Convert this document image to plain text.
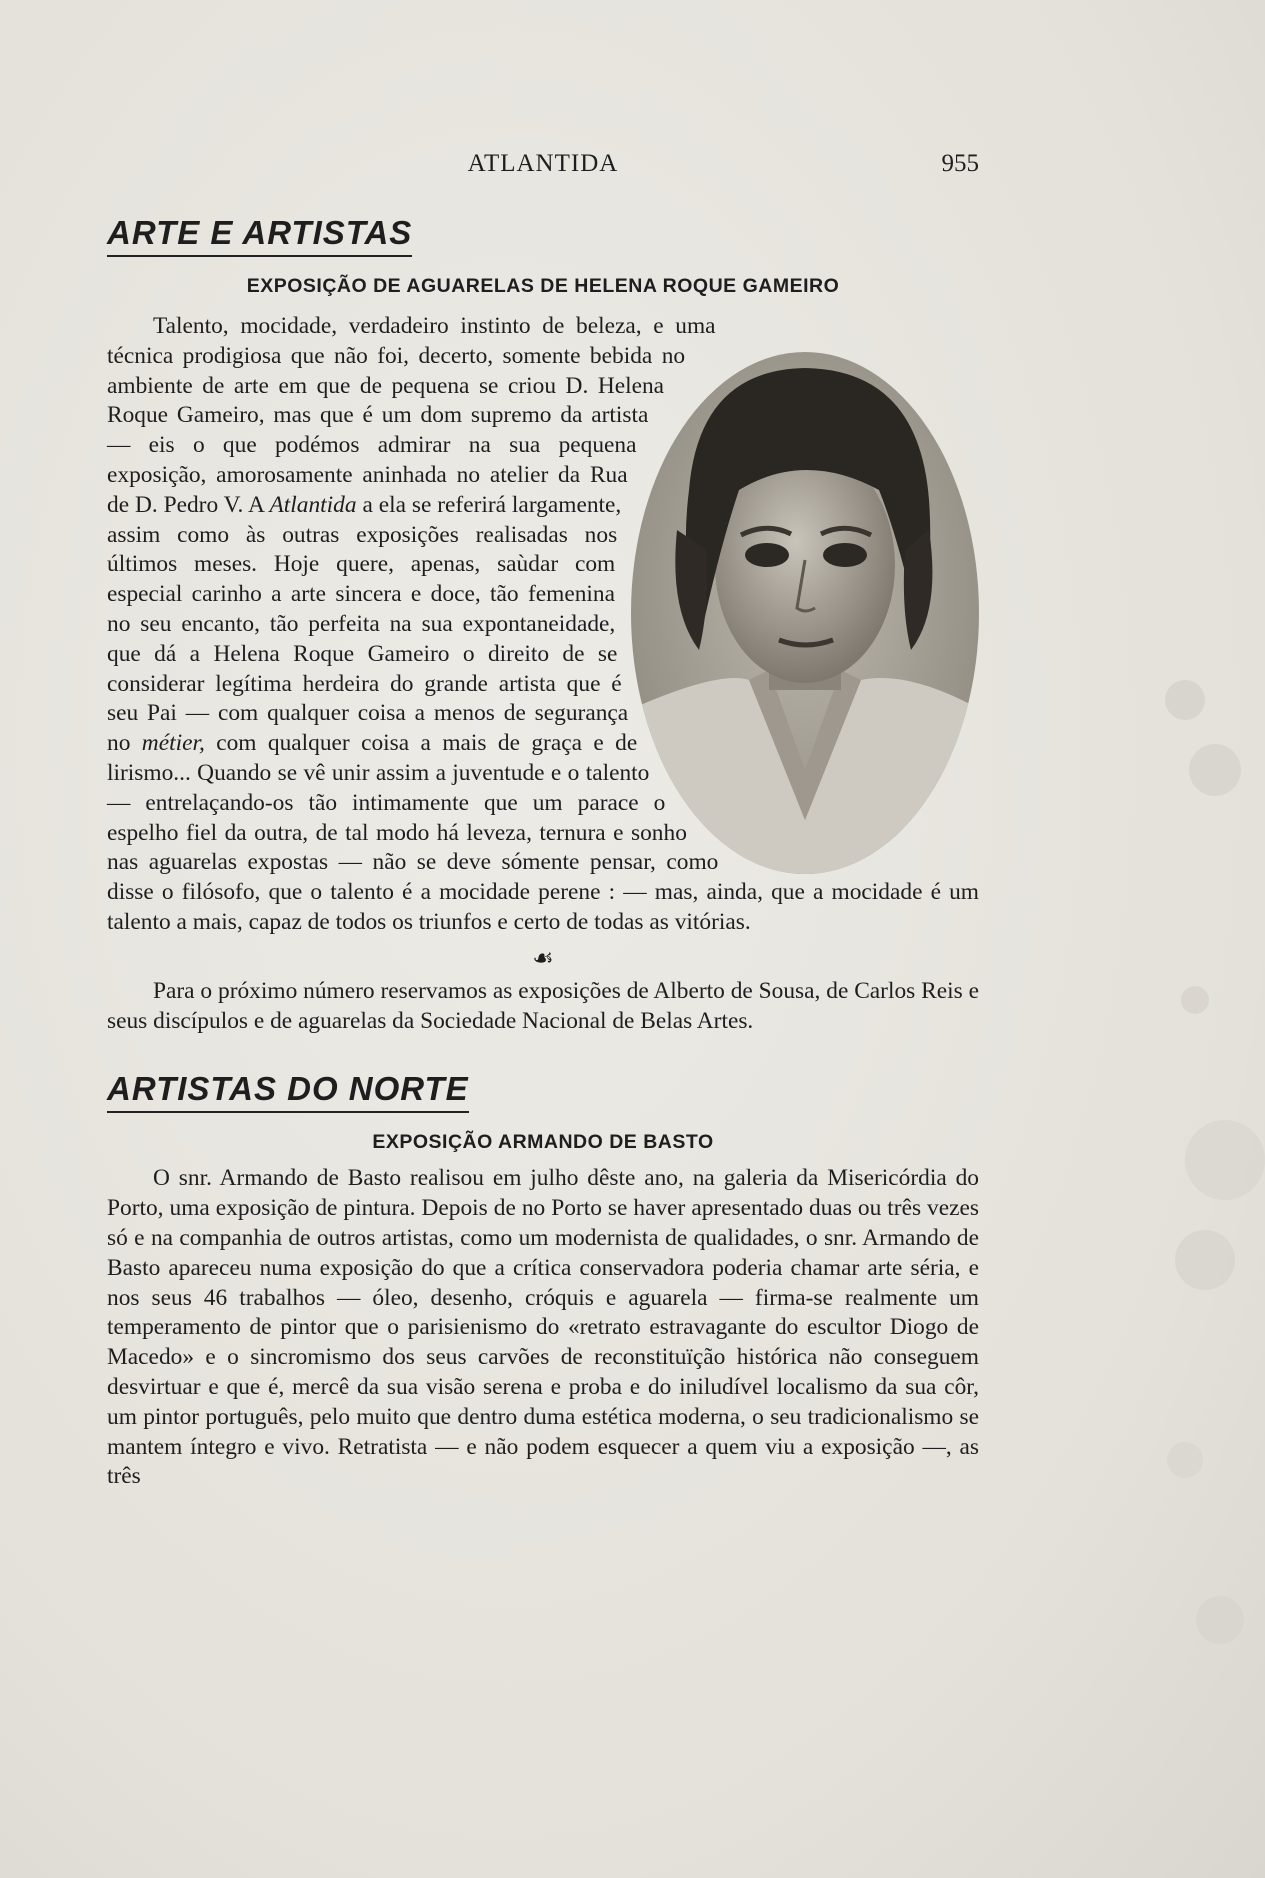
ATLANTIDA	955
ARTE E ARTISTAS
EXPOSIÇÃO DE AGUARELAS DE HELENA ROQUE GAMEIRO

Talento, mocidade, verdadeiro instinto de beleza, e uma técnica prodigiosa que não foi, decerto, somente bebida no ambiente de arte em que de pequena se criou D. Helena Roque Gameiro, mas que é um dom supremo da artista — eis o que podémos admirar na sua pequena exposição, amorosamente aninhada no atelier da Rua de D. Pedro V. A Atlantida a ela se referirá largamente, assim como às outras exposições realisadas nos últimos meses. Hoje quere, apenas, saùdar com especial carinho a arte sincera e doce, tão femenina no seu encanto, tão perfeita na sua expontaneidade, que dá a Helena Roque Gameiro o direito de se considerar legítima herdeira do grande artista que é seu Pai — com qualquer coisa a menos de segurança no métier, com qualquer coisa a mais de graça e de lirismo... Quando se vê unir assim a juventude e o talento — entrelaçando-os tão intimamente que um parace o espelho fiel da outra, de tal modo há leveza, ternura e sonho nas aguarelas expostas — não se deve sómente pensar, como disse o filósofo, que o talento é a mocidade perene : — mas, ainda, que a mocidade é um talento a mais, capaz de todos os triunfos e certo de todas as vitórias.

☙

Para o próximo número reservamos as exposições de Alberto de Sousa, de Carlos Reis e seus discípulos e de aguarelas da Sociedade Nacional de Belas Artes.

ARTISTAS DO NORTE
EXPOSIÇÃO ARMANDO DE BASTO

O snr. Armando de Basto realisou em julho dêste ano, na galeria da Misericórdia do Porto, uma exposição de pintura. Depois de no Porto se haver apresentado duas ou três vezes só e na companhia de outros artistas, como um modernista de qualidades, o snr. Armando de Basto apareceu numa exposição do que a crítica conservadora poderia chamar arte séria, e nos seus 46 trabalhos — óleo, desenho, cróquis e aguarela — firma-se realmente um temperamento de pintor que o parisienismo do «retrato estravagante do escultor Diogo de Macedo» e o sincromismo dos seus carvões de reconstituïção histórica não conseguem desvirtuar e que é, mercê da sua visão serena e proba e do iniludível localismo da sua côr, um pintor português, pelo muito que dentro duma estética moderna, o seu tradicionalismo se mantem íntegro e vivo. Retratista — e não podem esquecer a quem viu a exposição —, as três
